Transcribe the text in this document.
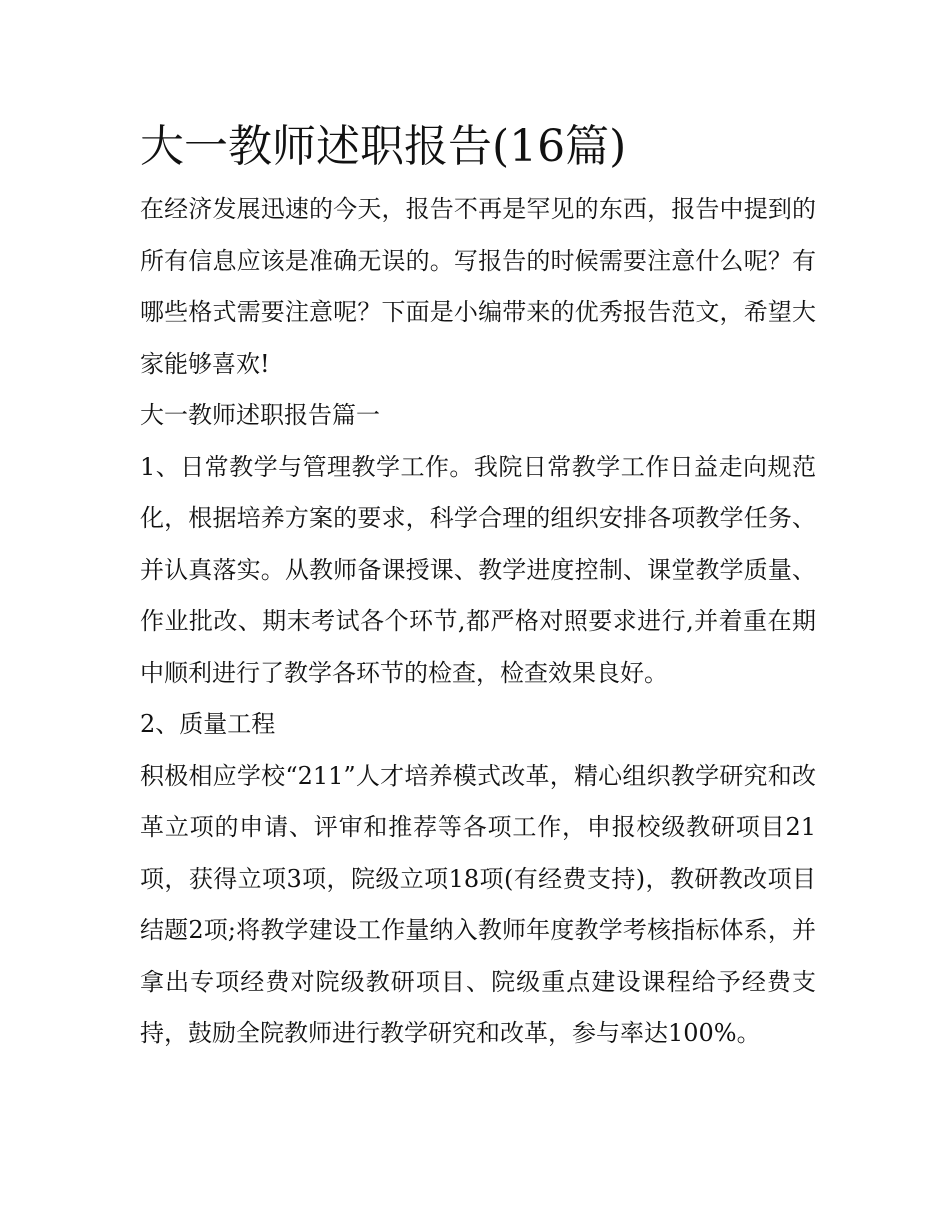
大一教师述职报告(16篇)

在经济发展迅速的今天，报告不再是罕见的东西，报告中提到的所有信息应该是准确无误的。写报告的时候需要注意什么呢？有哪些格式需要注意呢？下面是小编带来的优秀报告范文，希望大家能够喜欢!

大一教师述职报告篇一

1、日常教学与管理教学工作。我院日常教学工作日益走向规范化，根据培养方案的要求，科学合理的组织安排各项教学任务、并认真落实。从教师备课授课、教学进度控制、课堂教学质量、作业批改、期末考试各个环节,都严格对照要求进行,并着重在期中顺利进行了教学各环节的检查，检查效果良好。

2、质量工程

积极相应学校“211”人才培养模式改革，精心组织教学研究和改革立项的申请、评审和推荐等各项工作，申报校级教研项目21项，获得立项3项，院级立项18项(有经费支持)，教研教改项目结题2项;将教学建设工作量纳入教师年度教学考核指标体系，并拿出专项经费对院级教研项目、院级重点建设课程给予经费支持，鼓励全院教师进行教学研究和改革，参与率达100%。
